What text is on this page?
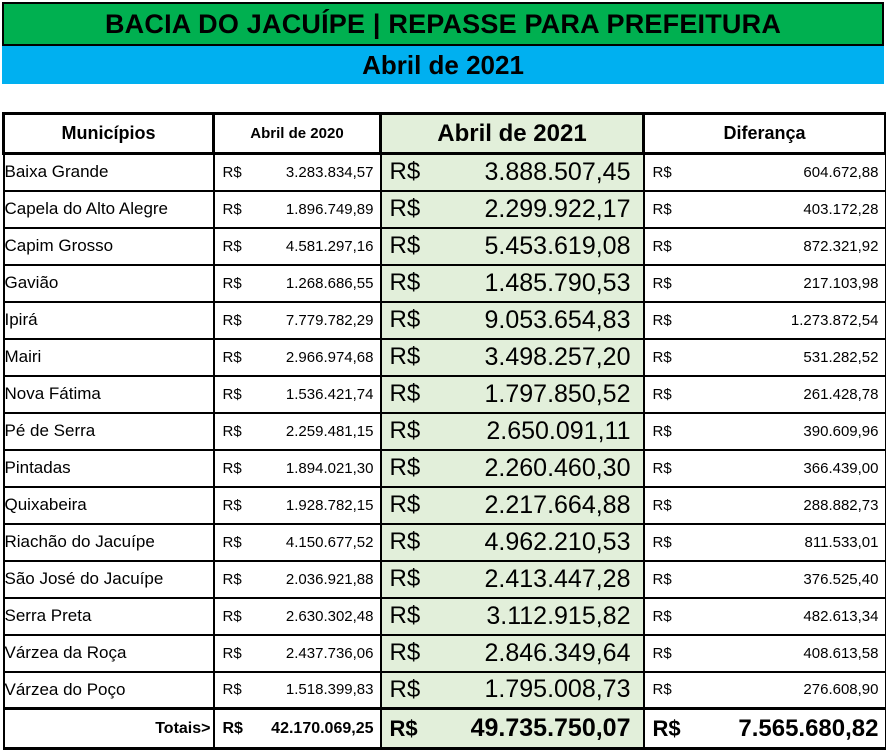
BACIA DO JACUÍPE | REPASSE PARA PREFEITURA
Abril de 2021
Municípios	Abril de 2020	Abril de 2021	Diferança
Baixa Grande	R$ 3.283.834,57	R$ 3.888.507,45	R$ 604.672,88

Capela do Alto Alegre	R$ 1.896.749,89	R$ 2.299.922,17	R$ 403.172,28

Capim Grosso	R$ 4.581.297,16	R$ 5.453.619,08	R$ 872.321,92

Gavião	R$ 1.268.686,55	R$ 1.485.790,53	R$ 217.103,98

Ipirá	R$ 7.779.782,29	R$ 9.053.654,83	R$ 1.273.872,54

Mairi	R$ 2.966.974,68	R$ 3.498.257,20	R$ 531.282,52

Nova Fátima	R$ 1.536.421,74	R$ 1.797.850,52	R$ 261.428,78

Pé de Serra	R$ 2.259.481,15	R$ 2.650.091,11	R$ 390.609,96

Pintadas	R$ 1.894.021,30	R$ 2.260.460,30	R$ 366.439,00

Quixabeira	R$ 1.928.782,15	R$ 2.217.664,88	R$ 288.882,73

Riachão do Jacuípe	R$ 4.150.677,52	R$ 4.962.210,53	R$ 811.533,01

São José do Jacuípe	R$ 2.036.921,88	R$ 2.413.447,28	R$ 376.525,40

Serra Preta	R$ 2.630.302,48	R$ 3.112.915,82	R$ 482.613,34

Várzea da Roça	R$ 2.437.736,06	R$ 2.846.349,64	R$ 408.613,58

Várzea do Poço	R$ 1.518.399,83	R$ 1.795.008,73	R$ 276.608,90

Totais>	R$ 42.170.069,25	R$ 49.735.750,07	R$ 7.565.680,82
